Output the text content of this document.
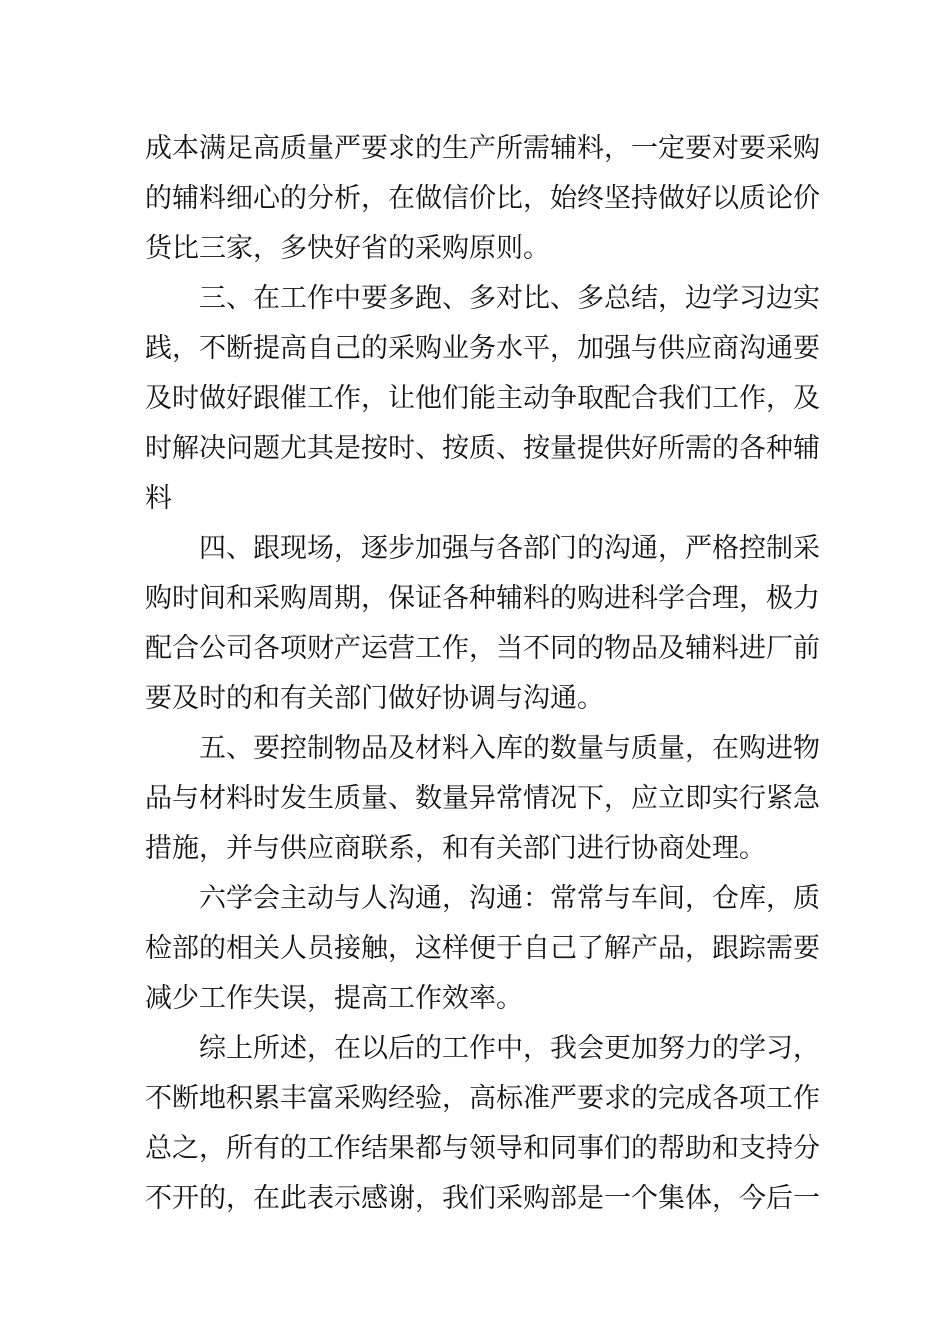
成本满足高质量严要求的生产所需辅料，一定要对要采购
的辅料细心的分析，在做信价比，始终坚持做好以质论价
货比三家，多快好省的采购原则。
三、在工作中要多跑、多对比、多总结，边学习边实
践，不断提高自己的采购业务水平，加强与供应商沟通要
及时做好跟催工作，让他们能主动争取配合我们工作，及
时解决问题尤其是按时、按质、按量提供好所需的各种辅
料
四、跟现场，逐步加强与各部门的沟通，严格控制采
购时间和采购周期，保证各种辅料的购进科学合理，极力
配合公司各项财产运营工作，当不同的物品及辅料进厂前
要及时的和有关部门做好协调与沟通。
五、要控制物品及材料入库的数量与质量，在购进物
品与材料时发生质量、数量异常情况下，应立即实行紧急
措施，并与供应商联系，和有关部门进行协商处理。
六学会主动与人沟通，沟通：常常与车间，仓库，质
检部的相关人员接触，这样便于自己了解产品，跟踪需要
减少工作失误，提高工作效率。
综上所述，在以后的工作中，我会更加努力的学习，
不断地积累丰富采购经验，高标准严要求的完成各项工作
总之，所有的工作结果都与领导和同事们的帮助和支持分
不开的，在此表示感谢，我们采购部是一个集体，今后一
